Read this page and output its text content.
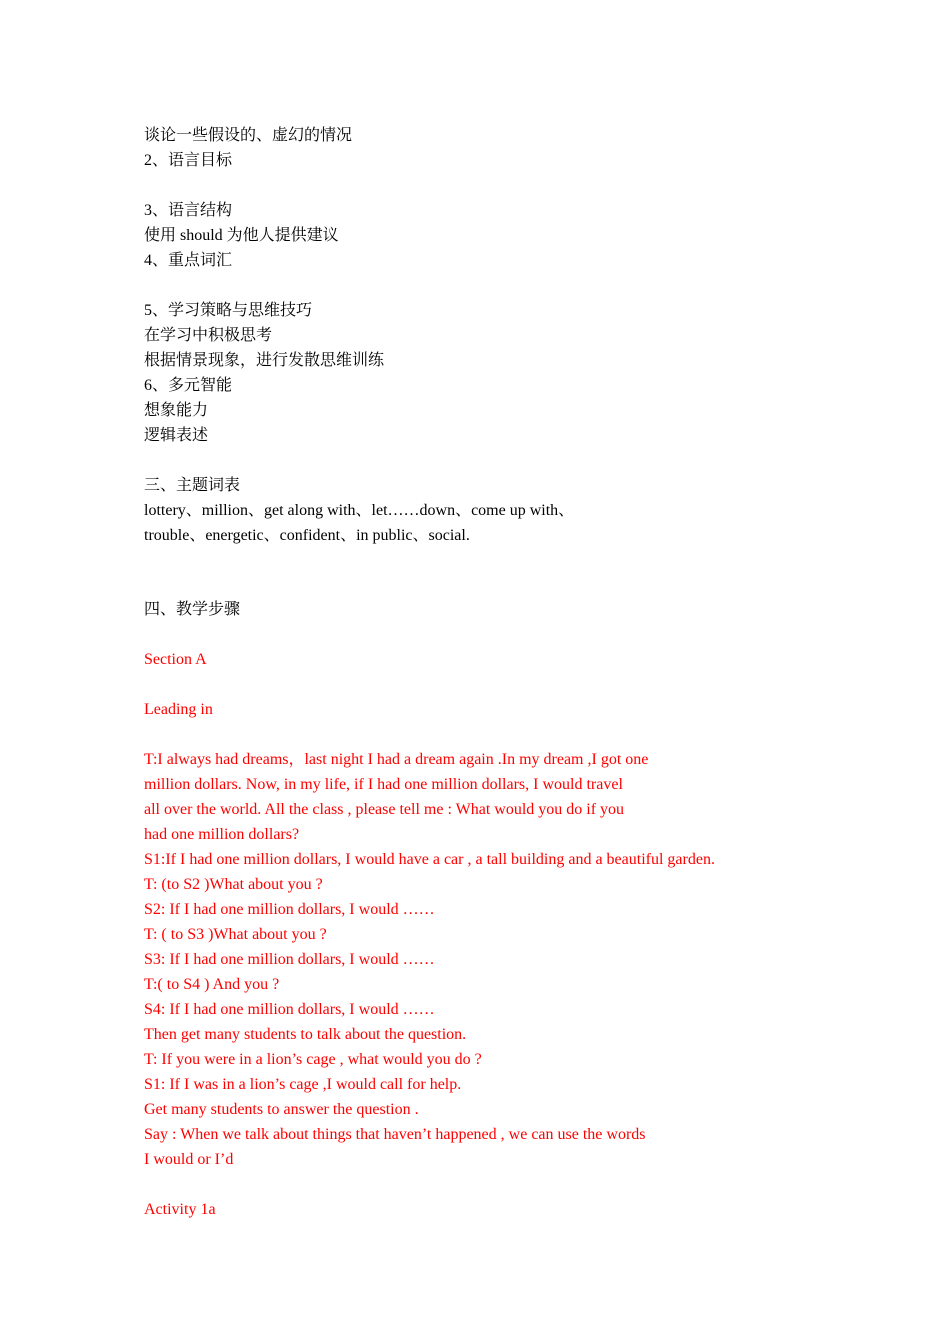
谈论一些假设的、虚幻的情况
2、语言目标
3、语言结构
使用 should 为他人提供建议
4、重点词汇
5、学习策略与思维技巧
在学习中积极思考
根据情景现象，进行发散思维训练
6、多元智能
想象能力
逻辑表述
三、主题词表
lottery、million、get along with、let……down、come up with、
trouble、energetic、confident、in public、social.
四、教学步骤
Section A
Leading in
T:I always had dreams，last night I had a dream again .In my dream ,I got one
million dollars. Now, in my life, if I had one million dollars, I would travel
all over the world. All the class , please tell me : What would you do if you
had one million dollars?
S1:If I had one million dollars, I would have a car , a tall building and a beautiful garden.
T: (to S2 )What about you ?
S2: If I had one million dollars, I would ……
T: ( to S3 )What about you ?
S3: If I had one million dollars, I would ……
T:( to S4 ) And you ?
S4: If I had one million dollars, I would ……
Then get many students to talk about the question.
T: If you were in a lion’s cage , what would you do ?
S1: If I was in a lion’s cage ,I would call for help.
Get many students to answer the question .
Say : When we talk about things that haven’t happened , we can use the words
I would or I’d
Activity 1a
